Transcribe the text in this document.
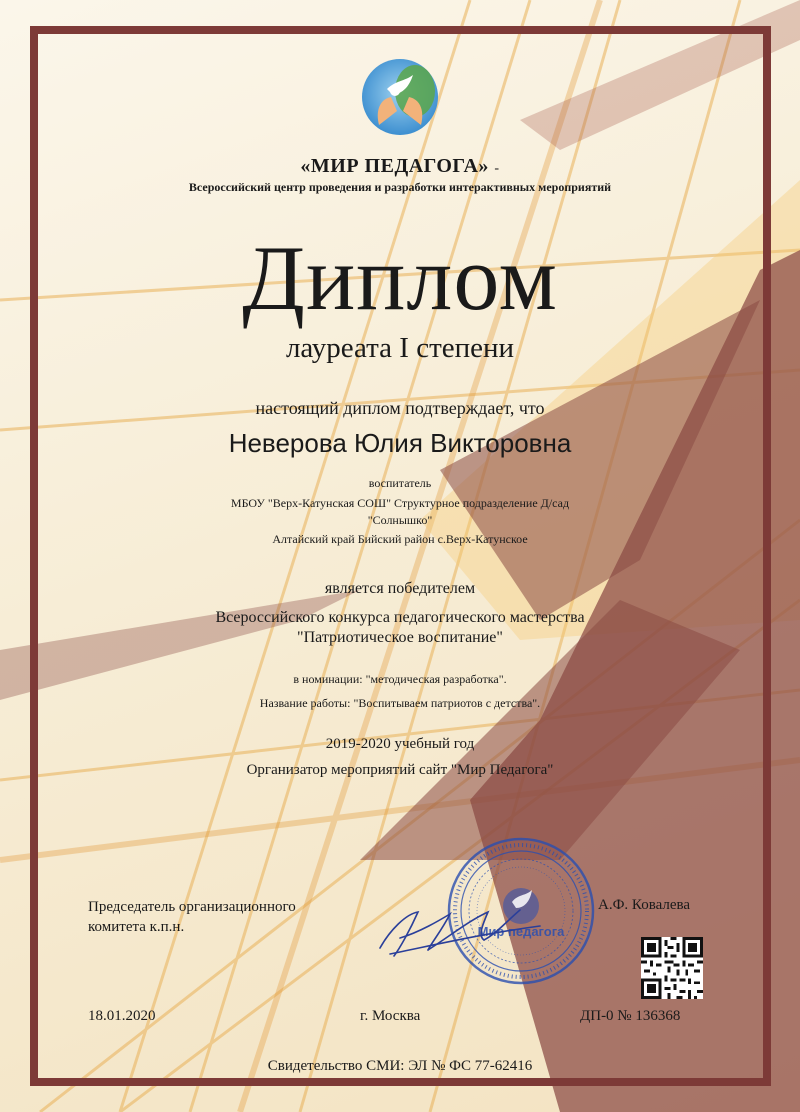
«МИР ПЕДАГОГА» -
Всероссийский центр проведения и разработки интерактивных мероприятий
Диплом
лауреата I степени
настоящий диплом подтверждает, что
Неверова Юлия Викторовна
воспитатель
МБОУ "Верх-Катунская СОШ" Структурное подразделение Д/сад
"Солнышко"
Алтайский край Бийский район с.Верх-Катунское
является победителем
Всероссийского конкурса педагогического мастерства
"Патриотическое воспитание"
в номинации: "методическая разработка".
Название работы: "Воспитываем патриотов с детства".
2019-2020 учебный год
Организатор мероприятий сайт "Мир Педагога"
Председатель организационного
комитета к.п.н.	Мир педагога
А.Ф. Ковалева
18.01.2020	г. Москва	ДП-0 № 136368
Свидетельство СМИ: ЭЛ № ФС 77-62416
